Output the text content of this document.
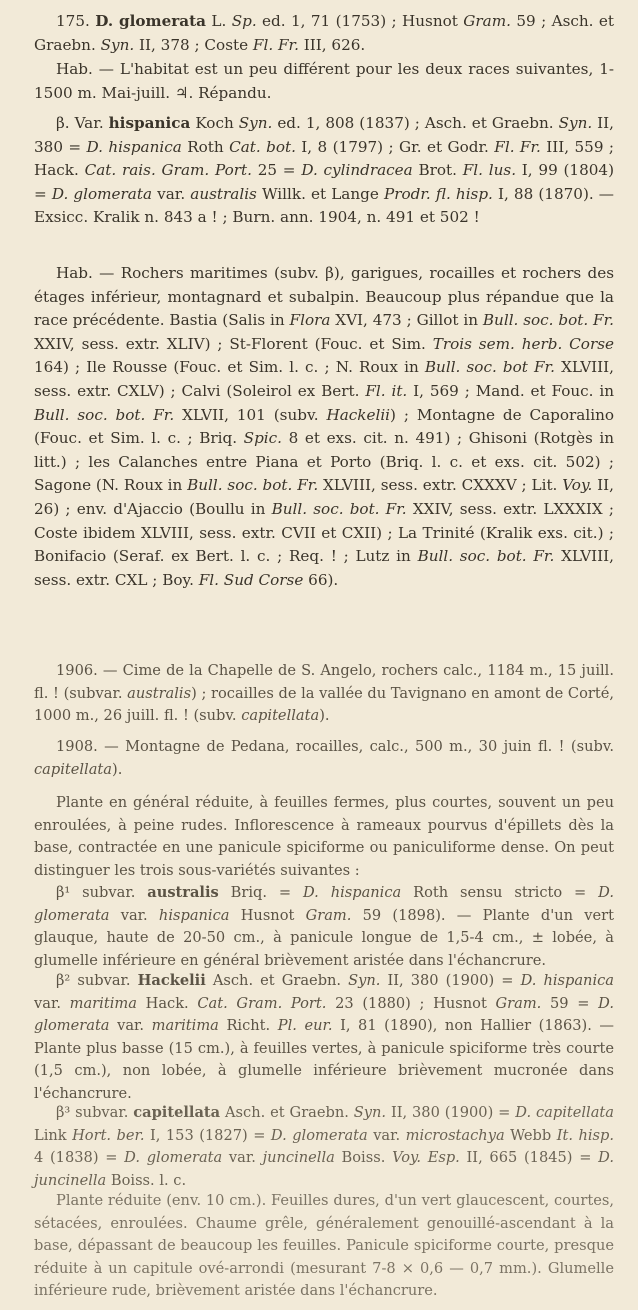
175. D. glomerata L. Sp. ed. 1, 71 (1753) ; Husnot Gram. 59 ; Asch. et Graebn. Syn. II, 378 ; Coste Fl. Fr. III, 626.
Hab. — L'habitat est un peu différent pour les deux races suivantes, 1-1500 m. Mai-juill. ♃. Répandu.
β. Var. hispanica Koch Syn. ed. 1, 808 (1837) ; Asch. et Graebn. Syn. II, 380 = D. hispanica Roth Cat. bot. I, 8 (1797) ; Gr. et Godr. Fl. Fr. III, 559 ; Hack. Cat. rais. Gram. Port. 25 = D. cylindracea Brot. Fl. lus. I, 99 (1804) = D. glomerata var. australis Willk. et Lange Prodr. fl. hisp. I, 88 (1870). — Exsicc. Kralik n. 843 a ! ; Burn. ann. 1904, n. 491 et 502 !
Hab. — Rochers maritimes (subv. β), garigues, rocailles et rochers des étages inférieur, montagnard et subalpin. Beaucoup plus répandue que la race précédente. Bastia (Salis in Flora XVI, 473 ; Gillot in Bull. soc. bot. Fr. XXIV, sess. extr. XLIV) ; St-Florent (Fouc. et Sim. Trois sem. herb. Corse 164) ; Ile Rousse (Fouc. et Sim. l. c. ; N. Roux in Bull. soc. bot Fr. XLVIII, sess. extr. CXLV) ; Calvi (Soleirol ex Bert. Fl. it. I, 569 ; Mand. et Fouc. in Bull. soc. bot. Fr. XLVII, 101 (subv. Hackelii) ; Montagne de Caporalino (Fouc. et Sim. l. c. ; Briq. Spic. 8 et exs. cit. n. 491) ; Ghisoni (Rotgès in litt.) ; les Calanches entre Piana et Porto (Briq. l. c. et exs. cit. 502) ; Sagone (N. Roux in Bull. soc. bot. Fr. XLVIII, sess. extr. CXXXV ; Lit. Voy. II, 26) ; env. d'Ajaccio (Boullu in Bull. soc. bot. Fr. XXIV, sess. extr. LXXXIX ; Coste ibidem XLVIII, sess. extr. CVII et CXII) ; La Trinité (Kralik exs. cit.) ; Bonifacio (Seraf. ex Bert. l. c. ; Req. ! ; Lutz in Bull. soc. bot. Fr. XLVIII, sess. extr. CXL ; Boy. Fl. Sud Corse 66).
1906. — Cime de la Chapelle de S. Angelo, rochers calc., 1184 m., 15 juill. fl. ! (subvar. australis) ; rocailles de la vallée du Tavignano en amont de Corté, 1000 m., 26 juill. fl. ! (subv. capitellata).
1908. — Montagne de Pedana, rocailles, calc., 500 m., 30 juin fl. ! (subv. capitellata).
Plante en général réduite, à feuilles fermes, plus courtes, souvent un peu enroulées, à peine rudes. Inflorescence à rameaux pourvus d'épillets dès la base, contractée en une panicule spiciforme ou paniculiforme dense. On peut distinguer les trois sous-variétés suivantes :
β¹ subvar. australis Briq. = D. hispanica Roth sensu stricto = D. glomerata var. hispanica Husnot Gram. 59 (1898). — Plante d'un vert glauque, haute de 20-50 cm., à panicule longue de 1,5-4 cm., ± lobée, à glumelle inférieure en général brièvement aristée dans l'échancrure.
β² subvar. Hackelii Asch. et Graebn. Syn. II, 380 (1900) = D. hispanica var. maritima Hack. Cat. Gram. Port. 23 (1880) ; Husnot Gram. 59 = D. glomerata var. maritima Richt. Pl. eur. I, 81 (1890), non Hallier (1863). — Plante plus basse (15 cm.), à feuilles vertes, à panicule spiciforme très courte (1,5 cm.), non lobée, à glumelle inférieure brièvement mucronée dans l'échancrure.
β³ subvar. capitellata Asch. et Graebn. Syn. II, 380 (1900) = D. capitellata Link Hort. ber. I, 153 (1827) = D. glomerata var. microstachya Webb It. hisp. 4 (1838) = D. glomerata var. juncinella Boiss. Voy. Esp. II, 665 (1845) = D. juncinella Boiss. l. c.
Plante réduite (env. 10 cm.). Feuilles dures, d'un vert glaucescent, courtes, sétacées, enroulées. Chaume grêle, généralement genouillé-ascendant à la base, dépassant de beaucoup les feuilles. Panicule spiciforme courte, presque réduite à un capitule ové-arrondi (mesurant 7-8 × 0,6 — 0,7 mm.). Glumelle inférieure rude, brièvement aristée dans l'échancrure.
